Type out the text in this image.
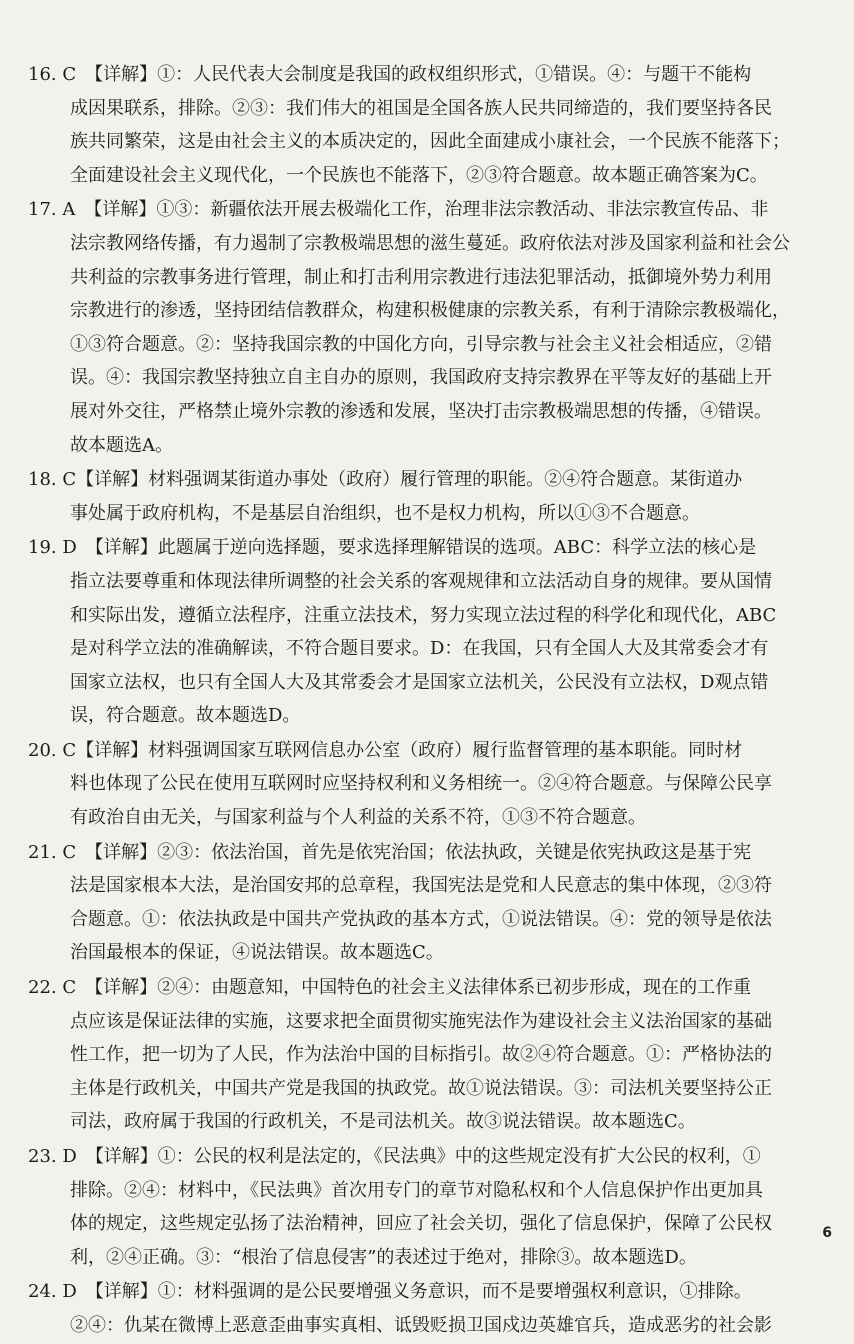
16. C　【详解】①：人民代表大会制度是我国的政权组织形式，①错误。④：与题干不能构
成因果联系，排除。②③：我们伟大的祖国是全国各族人民共同缔造的，我们要坚持各民
族共同繁荣，这是由社会主义的本质决定的，因此全面建成小康社会，一个民族不能落下；
全面建设社会主义现代化，一个民族也不能落下，②③符合题意。故本题正确答案为C。
17. A　【详解】①③：新疆依法开展去极端化工作，治理非法宗教活动、非法宗教宣传品、非
法宗教网络传播，有力遏制了宗教极端思想的滋生蔓延。政府依法对涉及国家利益和社会公
共利益的宗教事务进行管理，制止和打击利用宗教进行违法犯罪活动，抵御境外势力利用
宗教进行的渗透，坚持团结信教群众，构建积极健康的宗教关系，有利于清除宗教极端化，
①③符合题意。②：坚持我国宗教的中国化方向，引导宗教与社会主义社会相适应，②错
误。④：我国宗教坚持独立自主自办的原则，我国政府支持宗教界在平等友好的基础上开
展对外交往，严格禁止境外宗教的渗透和发展，坚决打击宗教极端思想的传播，④错误。
故本题选A。
18. C【详解】材料强调某街道办事处（政府）履行管理的职能。②④符合题意。某街道办
事处属于政府机构，不是基层自治组织，也不是权力机构，所以①③不合题意。
19. D　【详解】此题属于逆向选择题，要求选择理解错误的选项。ABC：科学立法的核心是
指立法要尊重和体现法律所调整的社会关系的客观规律和立法活动自身的规律。要从国情
和实际出发，遵循立法程序，注重立法技术，努力实现立法过程的科学化和现代化，ABC
是对科学立法的准确解读，不符合题目要求。D：在我国，只有全国人大及其常委会才有
国家立法权，也只有全国人大及其常委会才是国家立法机关，公民没有立法权，D观点错
误，符合题意。故本题选D。
20. C【详解】材料强调国家互联网信息办公室（政府）履行监督管理的基本职能。同时材
料也体现了公民在使用互联网时应坚持权利和义务相统一。②④符合题意。与保障公民享
有政治自由无关，与国家利益与个人利益的关系不符，①③不符合题意。
21. C　【详解】②③：依法治国，首先是依宪治国；依法执政，关键是依宪执政这是基于宪
法是国家根本大法，是治国安邦的总章程，我国宪法是党和人民意志的集中体现，②③符
合题意。①：依法执政是中国共产党执政的基本方式，①说法错误。④：党的领导是依法
治国最根本的保证，④说法错误。故本题选C。
22. C　【详解】②④：由题意知，中国特色的社会主义法律体系已初步形成，现在的工作重
点应该是保证法律的实施，这要求把全面贯彻实施宪法作为建设社会主义法治国家的基础
性工作，把一切为了人民，作为法治中国的目标指引。故②④符合题意。①：严格协法的
主体是行政机关，中国共产党是我国的执政党。故①说法错误。③：司法机关要坚持公正
司法，政府属于我国的行政机关，不是司法机关。故③说法错误。故本题选C。
23. D　【详解】①：公民的权利是法定的，《民法典》中的这些规定没有扩大公民的权利，①
排除。②④：材料中，《民法典》首次用专门的章节对隐私权和个人信息保护作出更加具
体的规定，这些规定弘扬了法治精神，回应了社会关切，强化了信息保护，保障了公民权
利，②④正确。③：“根治了信息侵害”的表述过于绝对，排除③。故本题选D。
24. D　【详解】①：材料强调的是公民要增强义务意识，而不是要增强权利意识，①排除。
②④：仇某在微博上恶意歪曲事实真相、诋毁贬损卫国戍边英雄官兵，造成恶劣的社会影
6
